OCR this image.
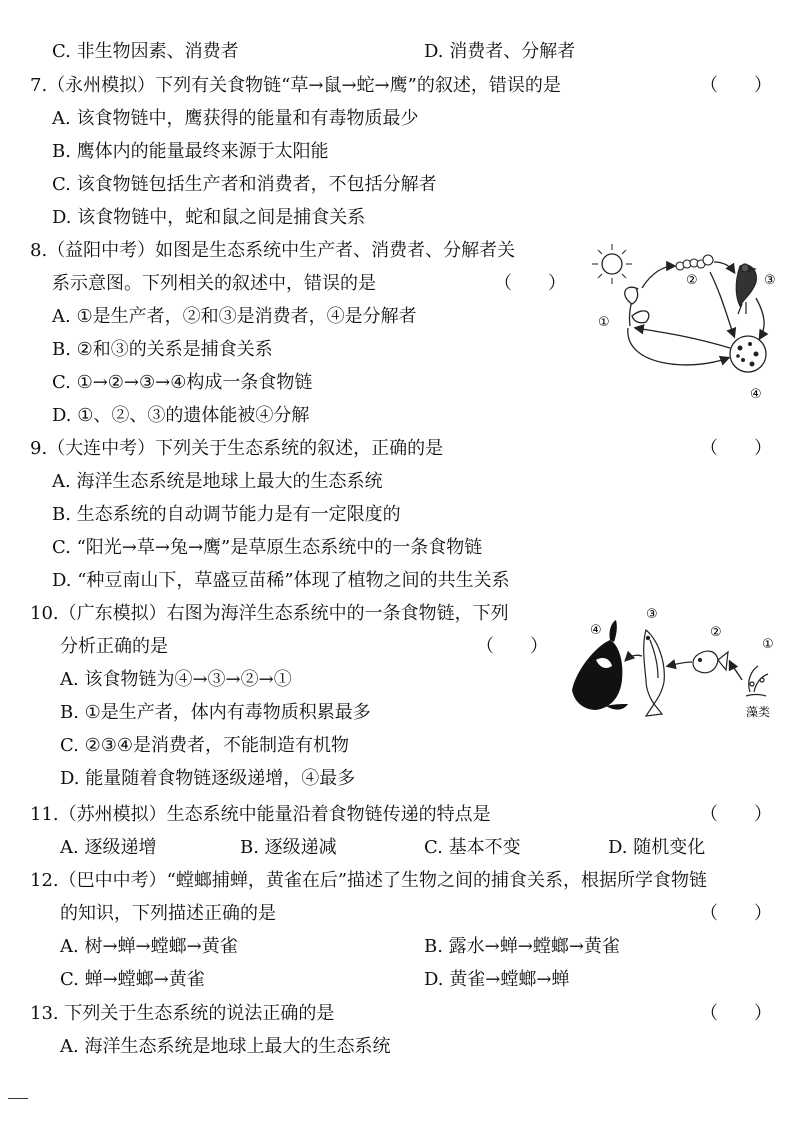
C. 非生物因素、消费者	D. 消费者、分解者
7.（永州模拟）下列有关食物链“草→鼠→蛇→鹰”的叙述，错误的是	（　　）
A. 该食物链中，鹰获得的能量和有毒物质最少
B. 鹰体内的能量最终来源于太阳能
C. 该食物链包括生产者和消费者，不包括分解者
D. 该食物链中，蛇和鼠之间是捕食关系
8.（益阳中考）如图是生态系统中生产者、消费者、分解者关
系示意图。下列相关的叙述中，错误的是	（　　）
A. ①是生产者，②和③是消费者，④是分解者
B. ②和③的关系是捕食关系
C. ①→②→③→④构成一条食物链
D. ①、②、③的遗体能被④分解
①
②	③
④
9.（大连中考）下列关于生态系统的叙述，正确的是	（　　）
A. 海洋生态系统是地球上最大的生态系统
B. 生态系统的自动调节能力是有一定限度的
C. “阳光→草→兔→鹰”是草原生态系统中的一条食物链
D. “种豆南山下，草盛豆苗稀”体现了植物之间的共生关系
10.（广东模拟）右图为海洋生态系统中的一条食物链，下列
分析正确的是	（　　）
A. 该食物链为④→③→②→①
B. ①是生产者，体内有毒物质积累最多
C. ②③④是消费者，不能制造有机物
D. 能量随着食物链逐级递增，④最多
④
③
②
①
藻类
11.（苏州模拟）生态系统中能量沿着食物链传递的特点是	（　　）
A. 逐级递增	B. 逐级递减	C. 基本不变	D. 随机变化
12.（巴中中考）“螳螂捕蝉，黄雀在后”描述了生物之间的捕食关系，根据所学食物链
的知识，下列描述正确的是	（　　）
A. 树→蝉→螳螂→黄雀	B. 露水→蝉→螳螂→黄雀
C. 蝉→螳螂→黄雀	D. 黄雀→螳螂→蝉
13. 下列关于生态系统的说法正确的是	（　　）
A. 海洋生态系统是地球上最大的生态系统
